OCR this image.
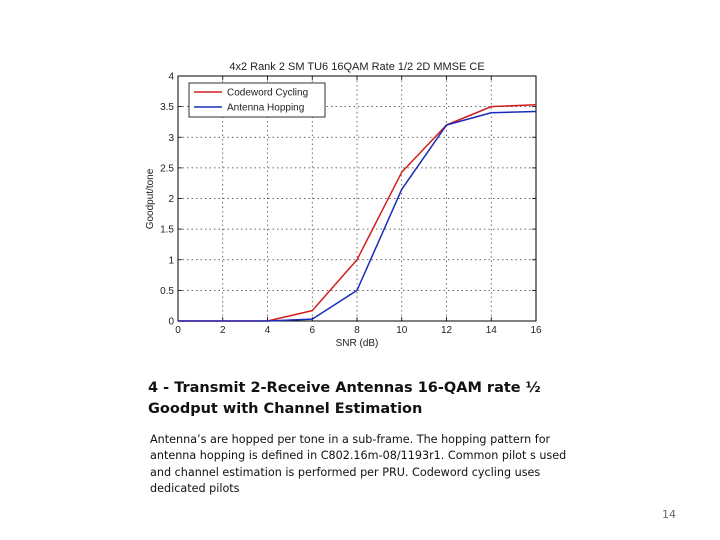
0	2	4	6	8	10	12	14	16
0
0.5
1
1.5
2
2.5
3
3.5
4
4x2 Rank 2 SM TU6 16QAM Rate 1/2 2D MMSE CE
SNR (dB)
Goodput/tone
Codeword Cycling
Antenna Hopping
4 - Transmit 2-Receive Antennas 16-QAM rate ½
Goodput with Channel Estimation
Antenna’s are hopped per tone in a sub-frame. The hopping pattern for antenna hopping is defined in C802.16m-08/1193r1. Common pilot s used and channel estimation is performed per PRU. Codeword cycling uses dedicated pilots
14
